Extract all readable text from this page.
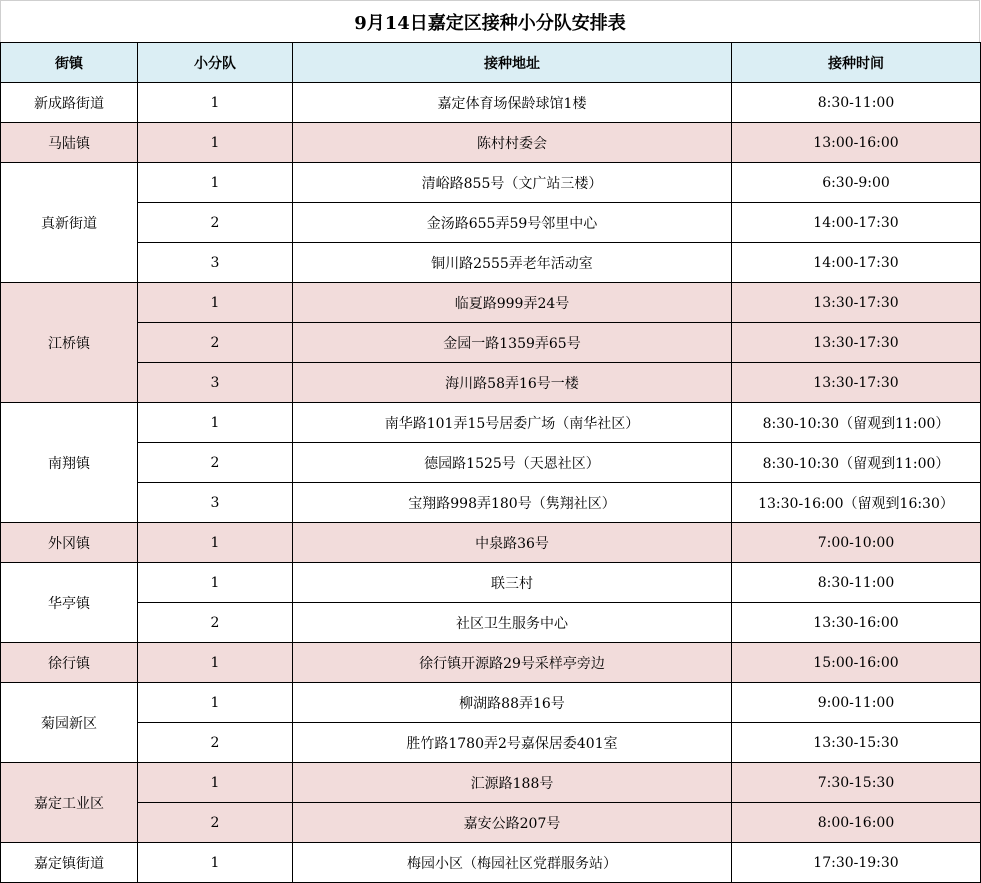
9月14日嘉定区接种小分队安排表
街镇	小分队	接种地址	接种时间
新成路街道	1	嘉定体育场保龄球馆1楼	8:30-11:00
马陆镇	1	陈村村委会	13:00-16:00
真新街道	1	清峪路855号（文广站三楼）	6:30-9:00
	2	金汤路655弄59号邻里中心	14:00-17:30
	3	铜川路2555弄老年活动室	14:00-17:30
江桥镇	1	临夏路999弄24号	13:30-17:30
	2	金园一路1359弄65号	13:30-17:30
	3	海川路58弄16号一楼	13:30-17:30
南翔镇	1	南华路101弄15号居委广场（南华社区）	8:30-10:30（留观到11:00）
	2	德园路1525号（天恩社区）	8:30-10:30（留观到11:00）
	3	宝翔路998弄180号（隽翔社区）	13:30-16:00（留观到16:30）
外冈镇	1	中泉路36号	7:00-10:00
华亭镇	1	联三村	8:30-11:00
	2	社区卫生服务中心	13:30-16:00
徐行镇	1	徐行镇开源路29号采样亭旁边	15:00-16:00
菊园新区	1	柳湖路88弄16号	9:00-11:00
	2	胜竹路1780弄2号嘉保居委401室	13:30-15:30
嘉定工业区	1	汇源路188号	7:30-15:30
	2	嘉安公路207号	8:00-16:00
嘉定镇街道	1	梅园小区（梅园社区党群服务站）	17:30-19:30
